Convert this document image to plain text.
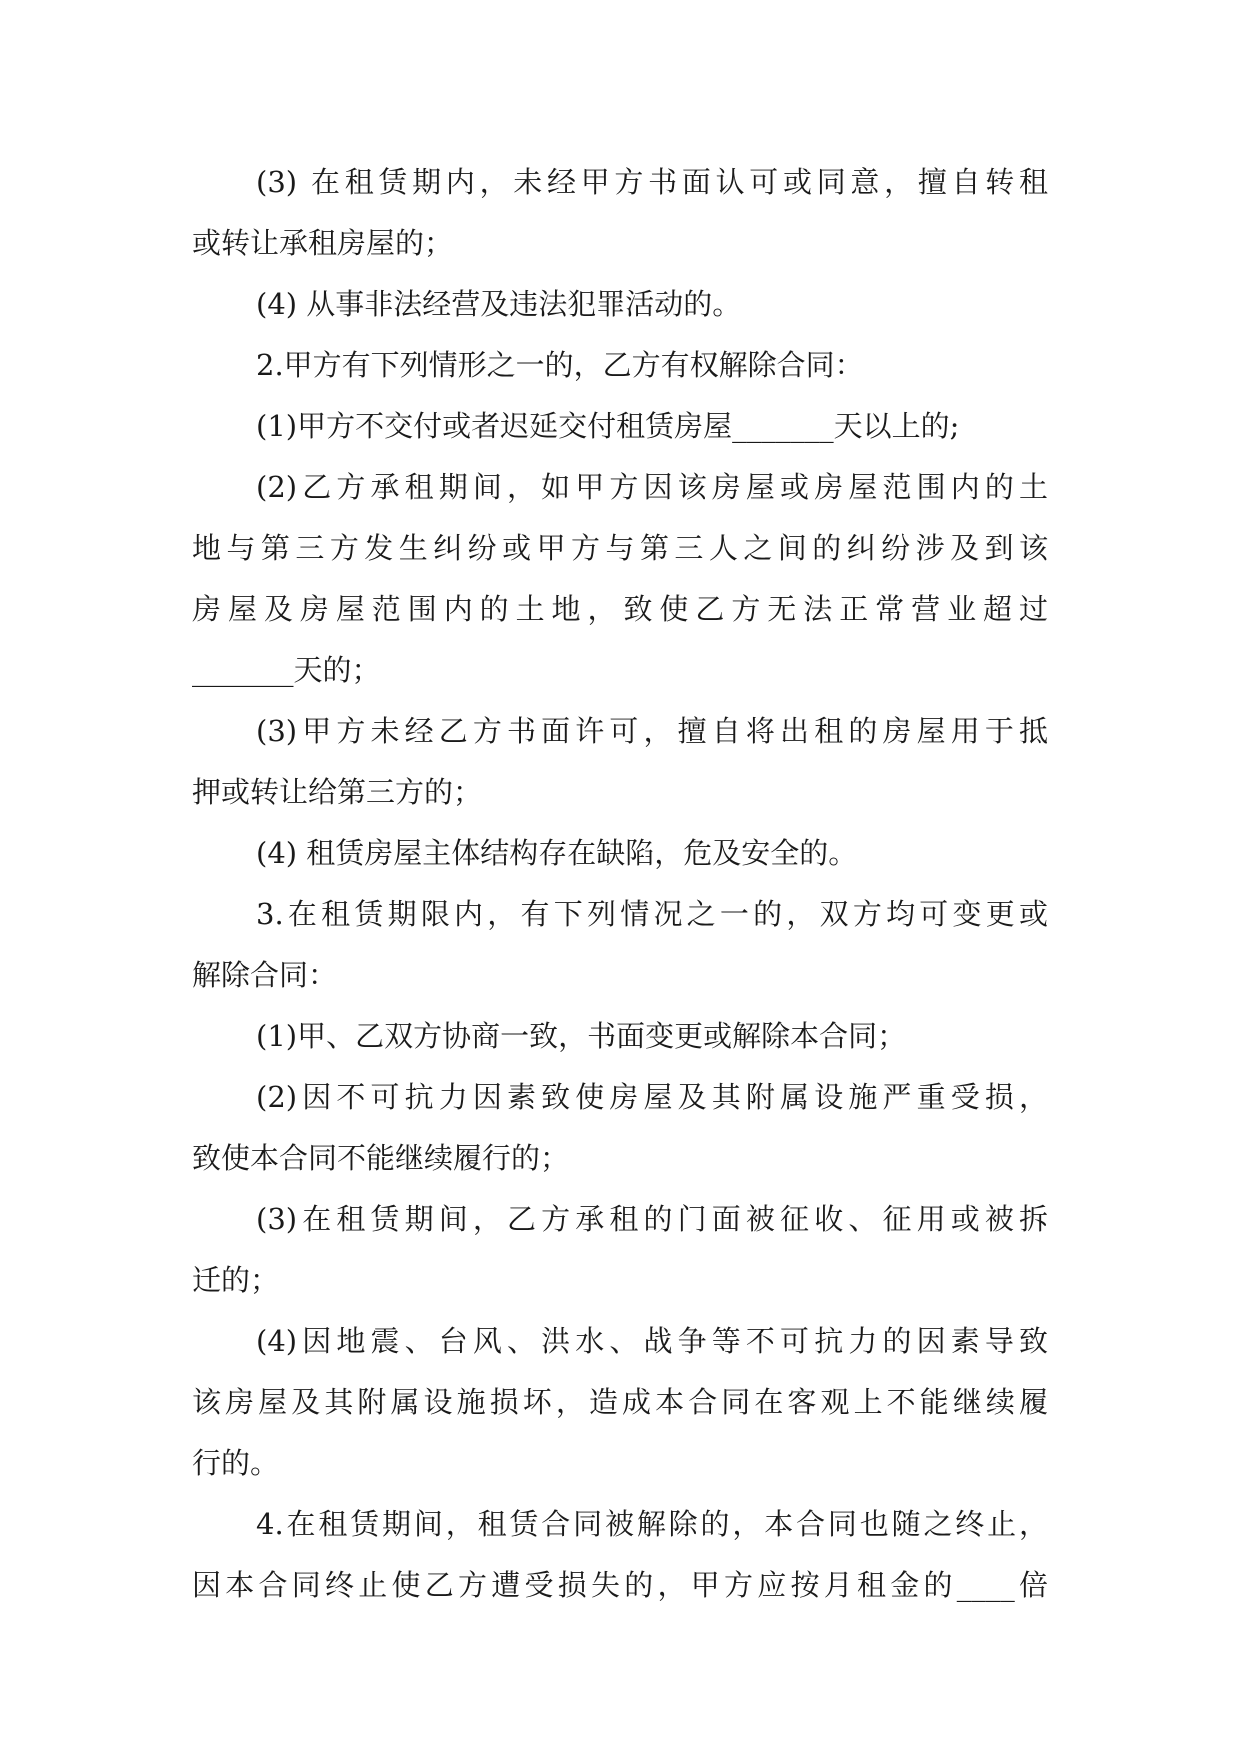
(3) 在租赁期内，未经甲方书面认可或同意，擅自转租
或转让承租房屋的；
(4) 从事非法经营及违法犯罪活动的。
2.甲方有下列情形之一的，乙方有权解除合同：
(1)甲方不交付或者迟延交付租赁房屋_______天以上的;
(2)乙方承租期间，如甲方因该房屋或房屋范围内的土
地与第三方发生纠纷或甲方与第三人之间的纠纷涉及到该
房屋及房屋范围内的土地，致使乙方无法正常营业超过
_______天的；
(3)甲方未经乙方书面许可，擅自将出租的房屋用于抵
押或转让给第三方的；
(4) 租赁房屋主体结构存在缺陷，危及安全的。
3.在租赁期限内，有下列情况之一的，双方均可变更或
解除合同：
(1)甲、乙双方协商一致，书面变更或解除本合同；
(2)因不可抗力因素致使房屋及其附属设施严重受损，
致使本合同不能继续履行的；
(3)在租赁期间，乙方承租的门面被征收、征用或被拆
迁的；
(4)因地震、台风、洪水、战争等不可抗力的因素导致
该房屋及其附属设施损坏，造成本合同在客观上不能继续履
行的。
4.在租赁期间，租赁合同被解除的，本合同也随之终止，
因本合同终止使乙方遭受损失的，甲方应按月租金的____倍
